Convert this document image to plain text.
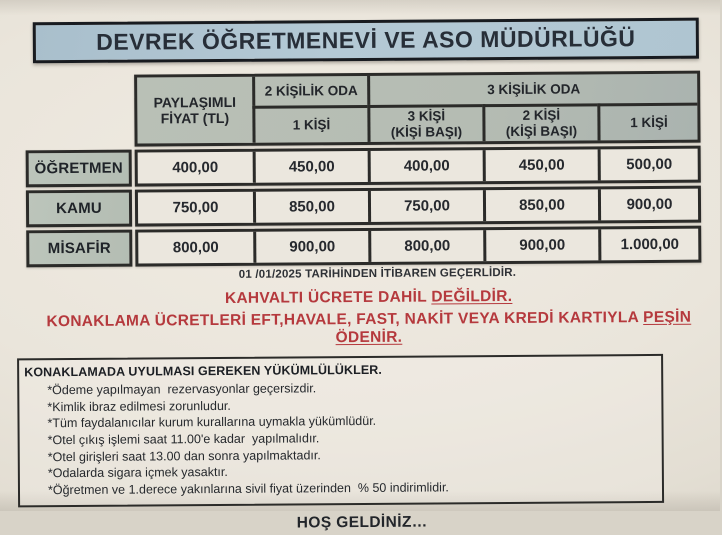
DEVREK ÖĞRETMENEVİ VE ASO MÜDÜRLÜĞÜ
PAYLAŞIMLI
FİYAT (TL)
2 KİŞİLİK ODA	3 KİŞİLİK ODA
1 KİŞİ
3 KİŞİ
(KİŞİ BAŞI)
2 KİŞİ
(KİŞİ BAŞI)
1 KİŞİ
ÖĞRETMEN	400,00	450,00	400,00	450,00	500,00
KAMU	750,00	850,00	750,00	850,00	900,00
MİSAFİR	800,00	900,00	800,00	900,00	1.000,00
01 /01/2025 TARİHİNDEN İTİBAREN GEÇERLİDİR.
KAHVALTI ÜCRETE DAHİL DEĞİLDİR.
KONAKLAMA ÜCRETLERİ EFT,HAVALE, FAST, NAKİT VEYA KREDİ KARTIYLA PEŞİN ÖDENİR.
KONAKLAMADA UYULMASI GEREKEN YÜKÜMLÜLÜKLER.
*Ödeme yapılmayan  rezervasyonlar geçersizdir.
*Kimlik ibraz edilmesi zorunludur.
*Tüm faydalanıcılar kurum kurallarına uymakla yükümlüdür.
*Otel çıkış işlemi saat 11.00'e kadar  yapılmalıdır.
*Otel girişleri saat 13.00 dan sonra yapılmaktadır.
*Odalarda sigara içmek yasaktır.
*Öğretmen ve 1.derece yakınlarına sivil fiyat üzerinden  % 50 indirimlidir.
HOŞ GELDİNİZ…
